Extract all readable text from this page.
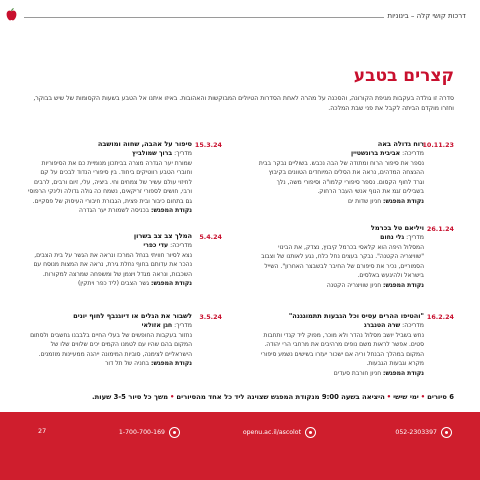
דרכות קושי קלה – בינוניות
קצרים בטבע

סדרה זו גולדה בעקבות מגיפת הקורונה, והסכנה על מהרה לאחת הסדרות הטיולים המבוקשות והאהובות. באיזו איתנו אל הטבע בשעות הקסומות של שיש בבוקר, וחזרו מוקדם הביתה לקבל את פני שבת המלכה.

10.11.23
רוח גדולה באה
מדריכה: אביבית ברונשטיין
נספר את סיפור הרוח ומתודה של הבה נכבש. בשוליים נבקר בבית ההנצחה המדהים, נראה את הסלים המיוחדים הטוונים בקיבוץ וגרד לחוף הקסום. נספר סיפורי קלמו"ה וסיפורי משה, נלך בשבילים זגמ את הנוף אנשי העבר הרחוק.
נקודת המפגש: חניון שדות ים
26.1.24
ויליאם טל בכרמל
מדריך: גלי נחום
המסלול היפה הוא קלאסי בכרמל קיבוץ, נצדק, את הבינוי "שוויצריה הקטנה". נבקר בעצים נחל כלח, נגע לאותנו של וצבוב הסמוריים, נכיר את סיפורם של החיבר לבשבצר האחרון". השייל בישראל ולהיגעש באלסים.
נקודת המפגש: חניון שוויצריה הקטנה
16.2.24
"והטיפו ההרים עסיס וכל הגבעות תתמוגגנה"
מדריכה: שרה הטנברג
נחש בשביל יושב מסלול נהדר ולא מוכר, מפוק ליד קנדי ותחבות סטים. אפשר לראות משם נופים מרהיבים את מרחבי הרי יהודה. המקום במהלך הבנחל וריה אם ישכור יעזרו בשישים נשמע סיפורי מקרא וגבעות הגבעות.
נקודת המפגש: חניון חורבת סעדים
15.3.24
סיפור על אהבה, שחוה ומושבה
מדריך: ברוך שמולביץ
שמורת יער הגדרה מצרה בביתכון מנומיית כם את הסיפוריות וחוברי הטבע רווטיקים ביחוד. בין סיפורי הנדוד לבכים על קם לחיזוי עולם עשיר של צמחים וחי. ביציה, עלי, זיום ורבים, לרבים ורבי, חושים לספורי זריקאים, נשמח כה גולה גדולה ולינקי הרפוסי גם בתחום כיבור ובית פצית, הגבורת חיבורי העיסוק של פסקיים.
נקודת המפגש: בכניסה לשמורת יער הגדרה
5.4.24
המלך צב צב בשרון
מדריכה: עדי כפרי
נצא לסיור חוויתי בנחל המרכז ונראה את הגשר על בית הצבים, נהכר את עדותם בחוף נחלת גירת, נראה את המצות מנוסח עם השכבות, ונראה מגדל ויצמן של ומשפחה שמרצה למקורות.
נקודת המפגש: גשר הצבים (ליד כפר ויתקין)
3.5.24
לשבור את הגלים או דיוגנבף לחוף יונים
מדריך: חגן אזולאי
נחזור בעקבות החופשים של בעלי החיים בלבבנו גחשבים ולסתום המקום בהם שהיו עם לטמנו הקמים יכים שלווים שלו של הישראליים לצימנה, סוביות המימונה ייהנה ממעיינות מוזמנים.
נקודת המפגש: בחניה של תל דור
6 סיורים•ימי שישי•היציאה בשעה 9:00 מנקודת המפגש שצוינה ליד כל אחד מהסיורים•משך כל סיור 3-5 שעות.
052-2303397
openu.ac.il/ascolot
1-700-700-169
27
